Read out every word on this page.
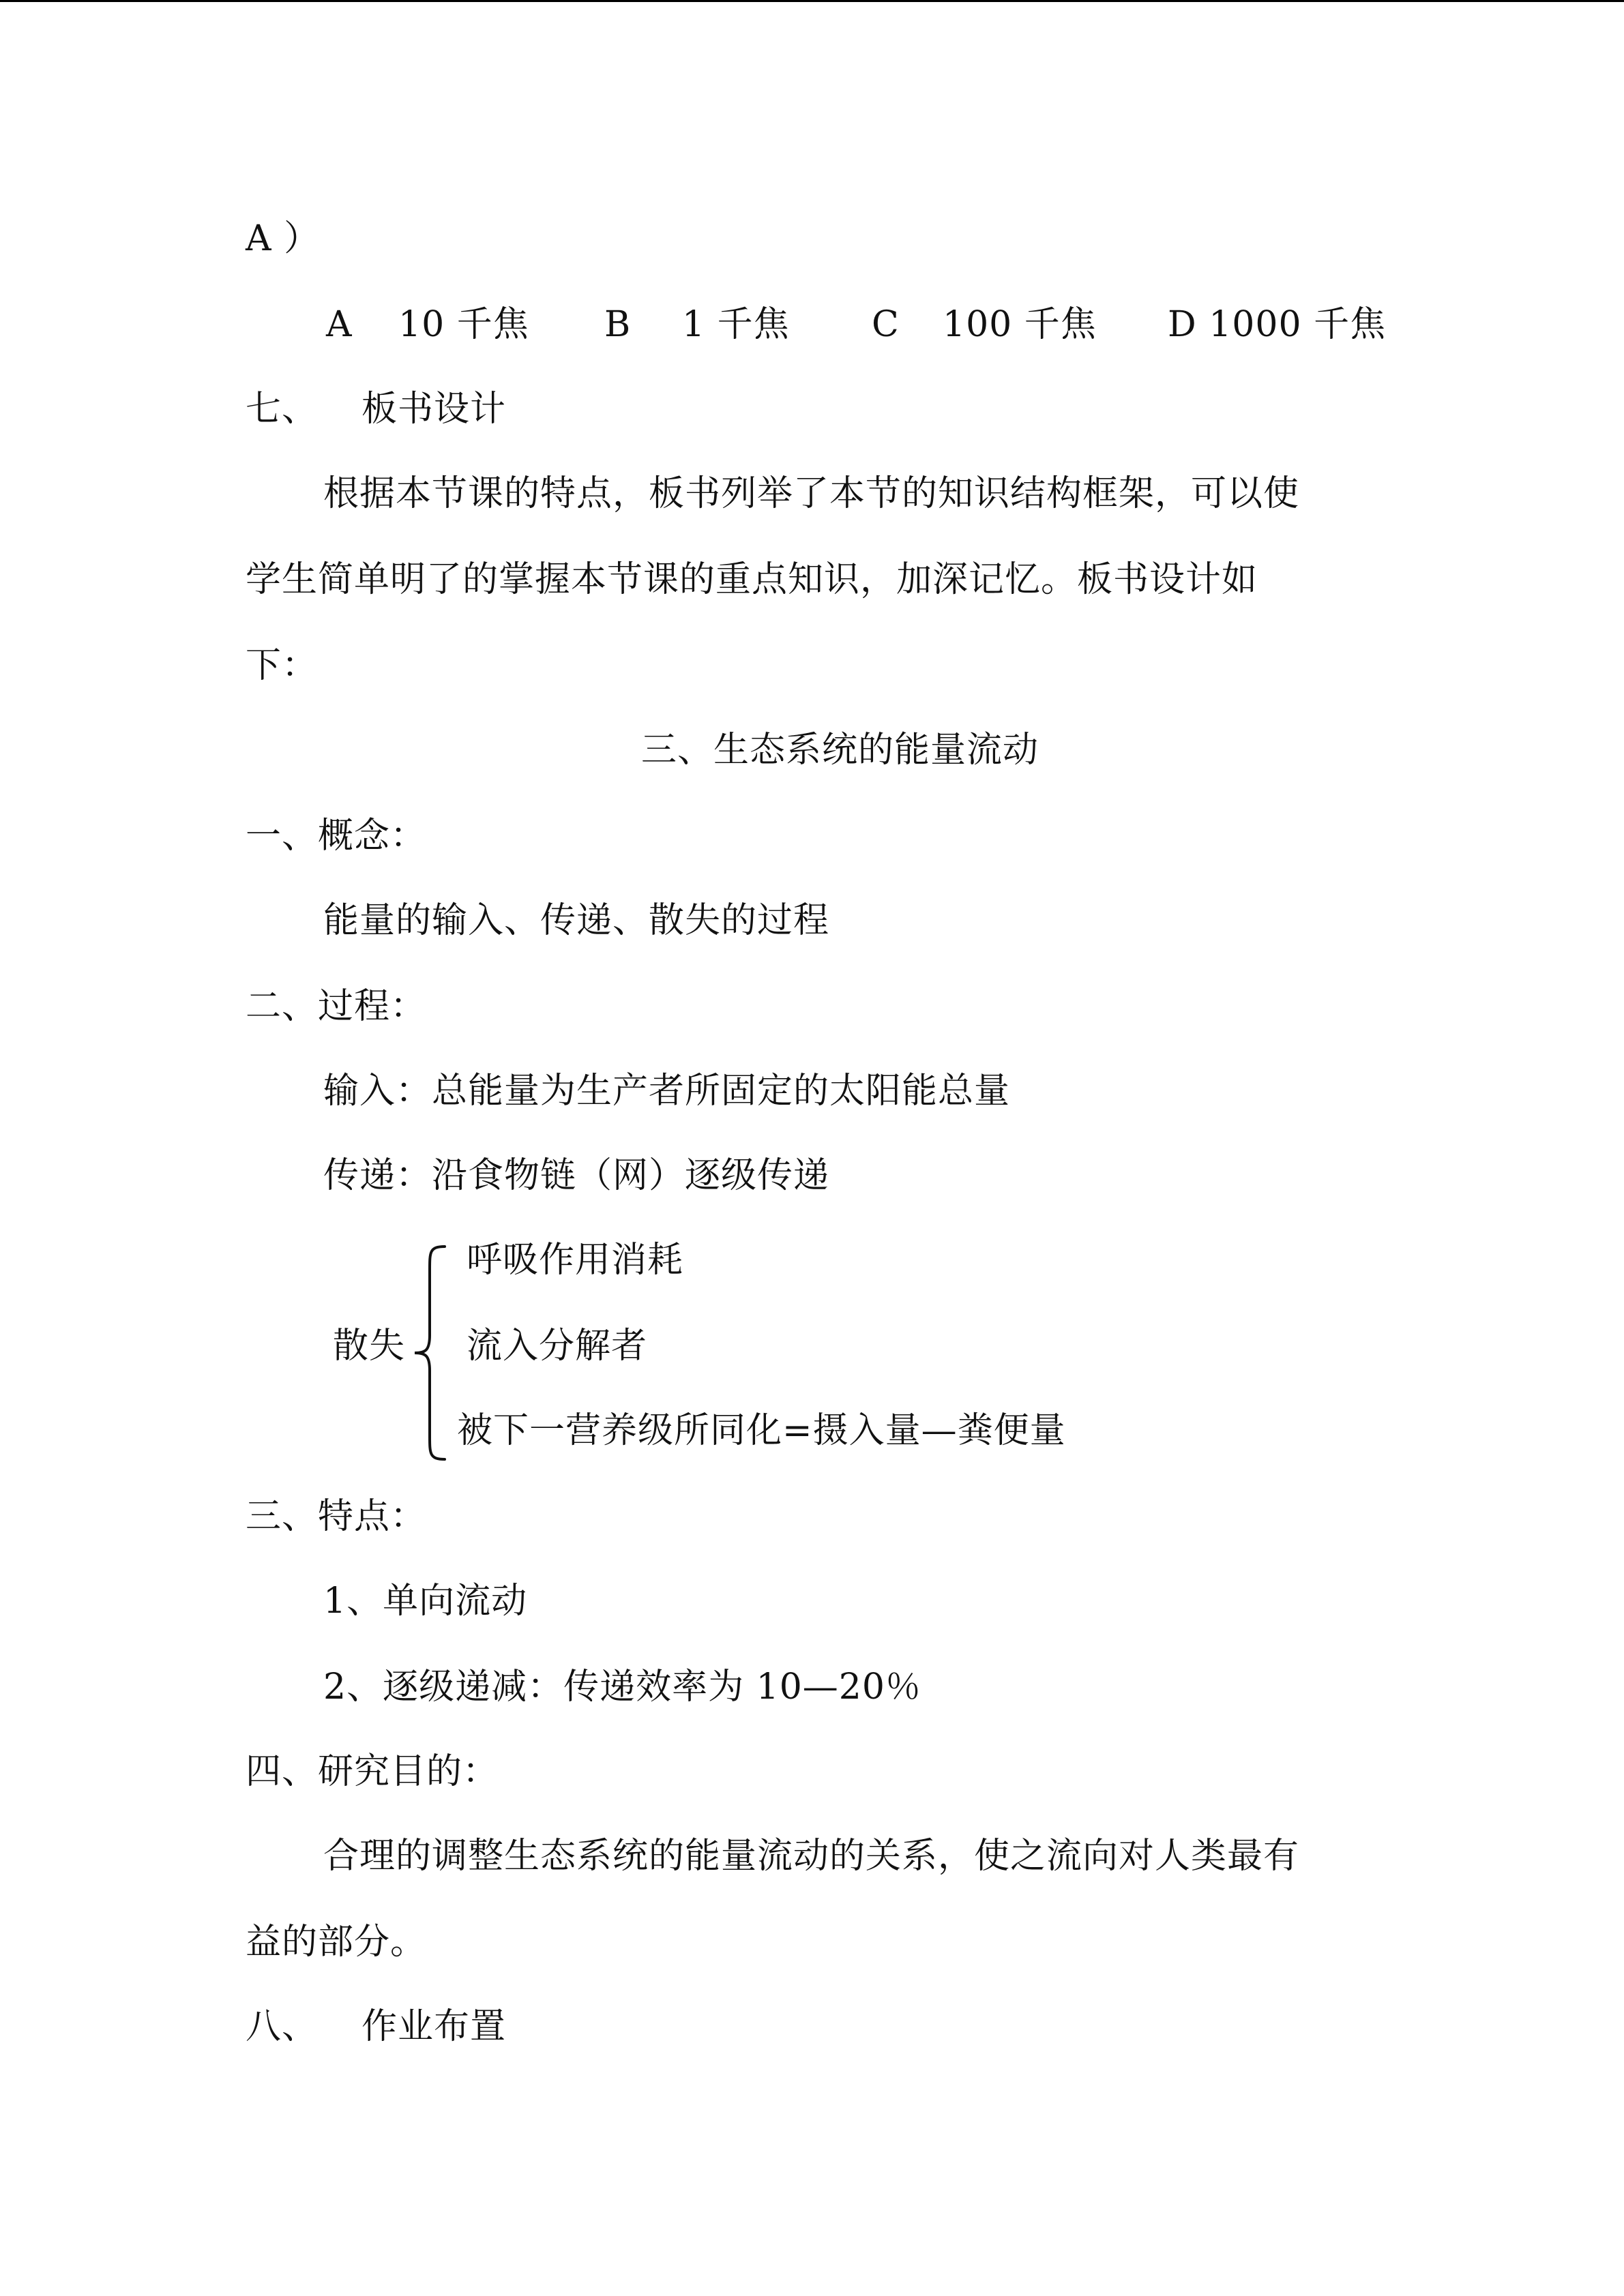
A ）
A 10 千焦 B 1 千焦 C 100 千焦 D 1000 千焦
七、 板书设计
根据本节课的特点，板书列举了本节的知识结构框架，可以使
学生简单明了的掌握本节课的重点知识，加深记忆。板书设计如
下：
三、生态系统的能量流动
一、概念：
能量的输入、传递、散失的过程
二、过程：
输入：总能量为生产者所固定的太阳能总量
传递：沿食物链（网）逐级传递
散失
呼吸作用消耗
流入分解者
被下一营养级所同化=摄入量—粪便量
三、特点：
1、单向流动
2、逐级递减：传递效率为 10—20％
四、研究目的：
合理的调整生态系统的能量流动的关系，使之流向对人类最有
益的部分。
八、 作业布置
